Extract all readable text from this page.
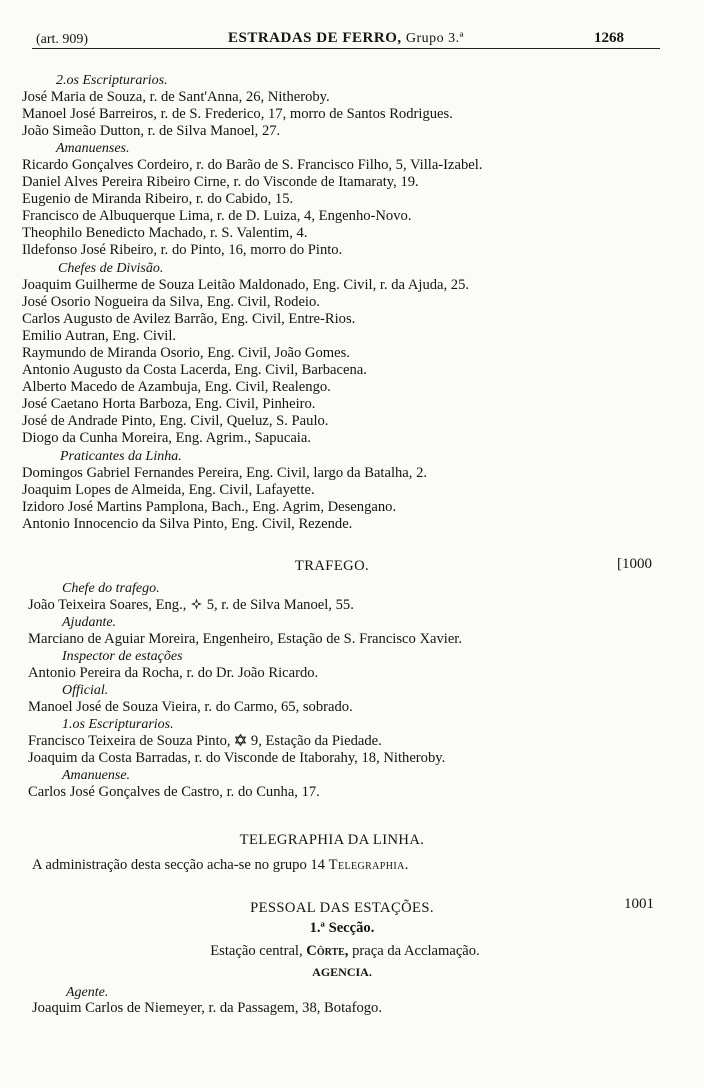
(art. 909)	ESTRADAS DE FERRO, Grupo 3.ª	1268
2.os Escripturarios.
José Maria de Souza, r. de Sant'Anna, 26, Nitheroby.
Manoel José Barreiros, r. de S. Frederico, 17, morro de Santos Rodrigues.
João Simeão Dutton, r. de Silva Manoel, 27.
Amanuenses.
Ricardo Gonçalves Cordeiro, r. do Barão de S. Francisco Filho, 5, Villa-Izabel.
Daniel Alves Pereira Ribeiro Cirne, r. do Visconde de Itamaraty, 19.
Eugenio de Miranda Ribeiro, r. do Cabido, 15.
Francisco de Albuquerque Lima, r. de D. Luiza, 4, Engenho-Novo.
Theophilo Benedicto Machado, r. S. Valentim, 4.
Ildefonso José Ribeiro, r. do Pinto, 16, morro do Pinto.
Chefes de Divisão.
Joaquim Guilherme de Souza Leitão Maldonado, Eng. Civil, r. da Ajuda, 25.
José Osorio Nogueira da Silva, Eng. Civil, Rodeio.
Carlos Augusto de Avilez Barrão, Eng. Civil, Entre-Rios.
Emilio Autran, Eng. Civil.
Raymundo de Miranda Osorio, Eng. Civil, João Gomes.
Antonio Augusto da Costa Lacerda, Eng. Civil, Barbacena.
Alberto Macedo de Azambuja, Eng. Civil, Realengo.
José Caetano Horta Barboza, Eng. Civil, Pinheiro.
José de Andrade Pinto, Eng. Civil, Queluz, S. Paulo.
Diogo da Cunha Moreira, Eng. Agrim., Sapucaia.
Praticantes da Linha.
Domingos Gabriel Fernandes Pereira, Eng. Civil, largo da Batalha, 2.
Joaquim Lopes de Almeida, Eng. Civil, Lafayette.
Izidoro José Martins Pamplona, Bach., Eng. Agrim, Desengano.
Antonio Innocencio da Silva Pinto, Eng. Civil, Rezende.
TRAFEGO.	[1000
Chefe do trafego.
João Teixeira Soares, Eng., 5, r. de Silva Manoel, 55.
Ajudante.
Marciano de Aguiar Moreira, Engenheiro, Estação de S. Francisco Xavier.
Inspector de estações
Antonio Pereira da Rocha, r. do Dr. João Ricardo.
Official.
Manoel José de Souza Vieira, r. do Carmo, 65, sobrado.
1.os Escripturarios.
Francisco Teixeira de Souza Pinto, 9, Estação da Piedade.
Joaquim da Costa Barradas, r. do Visconde de Itaborahy, 18, Nitheroby.
Amanuense.
Carlos José Gonçalves de Castro, r. do Cunha, 17.
TELEGRAPHIA DA LINHA.
A administração desta secção acha-se no grupo 14 Telegraphia.
PESSOAL DAS ESTAÇÕES.	1001
1.ª Secção.
Estação central, Côrte, praça da Acclamação.
AGENCIA.
Agente.
Joaquim Carlos de Niemeyer, r. da Passagem, 38, Botafogo.
